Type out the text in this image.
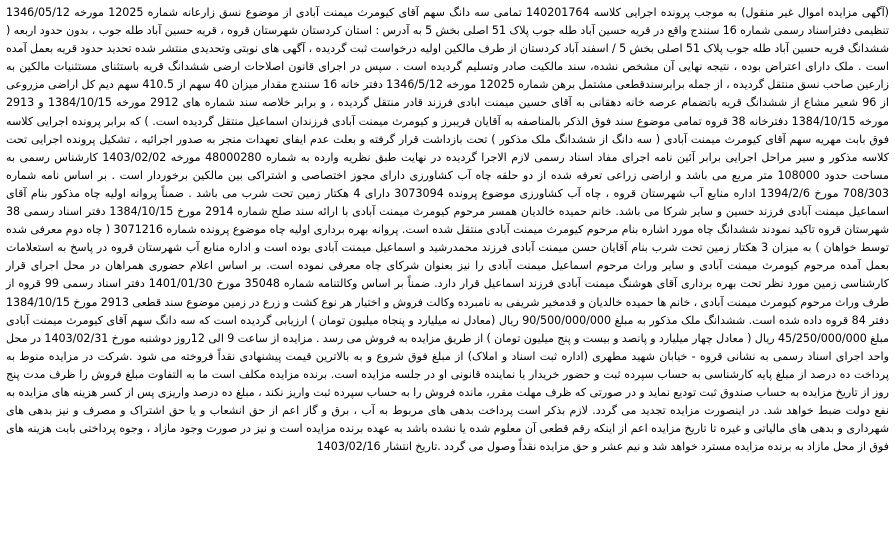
(آگهی مزایده اموال غیر منقول) به موجب پرونده اجرایی کلاسه 140201764 تمامی سه دانگ سهم آقای کیومرث میمنت آبادی از موضوع نسق زارعانه شماره 12025 مورخه 1346/05/12 تنظیمی دفتراسناد رسمی شماره 16 سنندج واقع در قریه حسین آباد طله جوب پلاک 51 اصلی بخش 5 به آدرس : استان کردستان شهرستان قروه ، قریه حسین آباد طله جوب ، بدون حدود اربعه ( ششدانگ قریه حسین آباد طله جوب پلاک 51 اصلی بخش 5 / اسفند آباد کردستان از طرف مالکین اولیه درخواست ثبت گردیده ، آگهی های نوبتی وتحدیدی منتشر شده تحدید حدود قریه بعمل آمده است . ملک دارای اعتراض بوده ، نتیجه نهایی آن مشخص نشده، سند مالکیت صادر وتسلیم گردیده است . سپس در اجرای قانون اصلاحات ارضی ششدانگ قریه باستثنای مستثنیات مالکین به زارعین صاحب نسق منتقل گردیده ، از جمله برابرسندقطعی مشتمل برهن شماره 12025 مورخه 1346/5/12 دفتر خانه 16 سنندج مقدار میزان 40 سهم از 410.5 سهم دیم کل اراضی مزروعی از 96 شعیر مشاع از ششدانگ قریه باتضمام عرصه خانه دهقانی به آقای حسین میمنت ابادی فرزند قادر منتقل گردیده ، و برابر خلاصه سند شماره های 2912 مورخه 1384/10/15 و 2913 مورخه 1384/10/15 دفترخانه 38 قروه تمامی موضوع سند فوق الذکر بالمناصفه به آقایان فریبرز و کیومرث میمنت آبادی فرزندان اسماعیل منتقل گردیده است. ) که برابر پرونده اجرایی کلاسه فوق بابت مهریه سهم آقای کیومرث میمنت آبادی ( سه دانگ از ششدانگ ملک مذکور ) تحت بازداشت قرار گرفته و بعلت عدم ایفای تعهدات منجر به صدور اجرائیه ، تشکیل پرونده اجرایی تحت کلاسه مذکور و سیر مراحل اجرایی برابر آئین نامه اجرای مفاد اسناد رسمی لازم الاجرا گردیده در نهایت طبق نظریه وارده به شماره 48000280 مورخه 1403/02/02 کارشناس رسمی به مساحت حدود 108000 متر مربع می باشد و اراضی زراعی تعرفه شده از دو حلقه چاه آب کشاورزی دارای مجوز اختصاصی و اشتراکی بین مالکین برخوردار است . بر اساس نامه شماره 708/303 مورخ 1394/2/6 اداره منابع آب شهرستان قروه ، چاه آب کشاورزی موضوع پرونده 3073094 دارای 4 هکتار زمین تحت شرب می باشد . ضمناً پروانه اولیه چاه مذکور بنام آقای اسماعیل میمنت آبادی فرزند حسین و سایر شرکا می باشد. خانم حمیده خالدیان همسر مرحوم کیومرث میمنت آبادی با ارائه سند صلح شماره 2914 مورخ 1384/10/15 دفتر اسناد رسمی 38 شهرستان قروه تاکید نمودند ششدانگ چاه مورد اشاره بنام مرحوم کیومرث میمنت آبادی منتقل شده است. پروانه بهره برداری اولیه چاه موضوع پرونده شماره 3071216 ( چاه دوم معرفی شده توسط خواهان ) به میزان 3 هکتار زمین تحت شرب بنام آقایان حسن میمنت آبادی فرزند محمدرشید و اسماعیل میمنت آبادی بوده است و اداره منابع آب شهرستان قروه در پاسخ به استعلامات بعمل آمده مرحوم کیومرث میمنت آبادی و سایر وراث مرحوم اسماعیل میمنت آبادی را نیز بعنوان شرکای چاه معرفی نموده است. بر اساس اعلام حضوری همراهان در محل اجرای قرار کارشناسی زمین مورد نظر تحت بهره برداری آقای هوشنگ میمنت آبادی فرزند اسماعیل قرار دارد. ضمناً بر اساس وکالتنامه شماره 35048 مورخ 1401/01/30 دفتر اسناد رسمی 99 قروه از طرف وراث مرحوم کیومرث میمنت آبادی ، خانم ها حمیده خالدیان و قدمخیر شریفی به نامبرده وکالت فروش و اختیار هر نوع کشت و زرع در زمین موضوع سند قطعی 2913 مورخ 1384/10/15 دفتر 84 قروه داده شده است. ششدانگ ملک مذکور به مبلغ 90/500/000/000 ریال (معادل نه میلیارد و پنجاه میلیون تومان ) ارزیابی گردیده است که سه دانگ سهم آقای کیومرث میمنت آبادی مبلغ 45/250/000/000 ریال ( معادل چهار میلیارد و پانصد و بیست و پنج میلیون تومان ) از طریق مزایده به فروش می رسد . مزایده از ساعت 9 الی 12روز دوشنبه مورخ 1403/02/31 در محل واحد اجرای اسناد رسمی به نشانی قروه - خیابان شهید مطهری (اداره ثبت اسناد و املاک) از مبلغ فوق شروع و به بالاترین قیمت پیشنهادی نقداً فروخته می شود .شرکت در مزایده منوط به پرداخت ده درصد از مبلغ پایه کارشناسی به حساب سپرده ثبت و حضور خریدار یا نماینده قانونی او در جلسه مزایده است. برنده مزایده مکلف است ما به التفاوت مبلغ فروش را ظرف مدت پنج روز از تاریخ مزایده به حساب صندوق ثبت تودیع نماید و در صورتی که ظرف مهلت مقرر، مانده فروش را به حساب سپرده ثبت واریز نکند ، مبلغ ده درصد واریزی پس از کسر هزینه های مزایده به نفع دولت ضبط خواهد شد. در اینصورت مزایده تجدید می گردد. لازم بذکر است پرداخت بدهی های مربوط به آب ، برق و گاز اعم از حق انشعاب و یا حق اشتراک و مصرف و نیز بدهی های شهرداری و بدهی های مالیاتی و غیره تا تاریخ مزایده اعم از اینکه رقم قطعی آن معلوم شده یا نشده باشد به عهده برنده مزایده است و نیز در صورت وجود مازاد ، وجوه پرداختی بابت هزینه های فوق از محل مازاد به برنده مزایده مسترد خواهد شد و نیم عشر و حق مزایده نقداً وصول می گردد .تاریخ انتشار 1403/02/16
